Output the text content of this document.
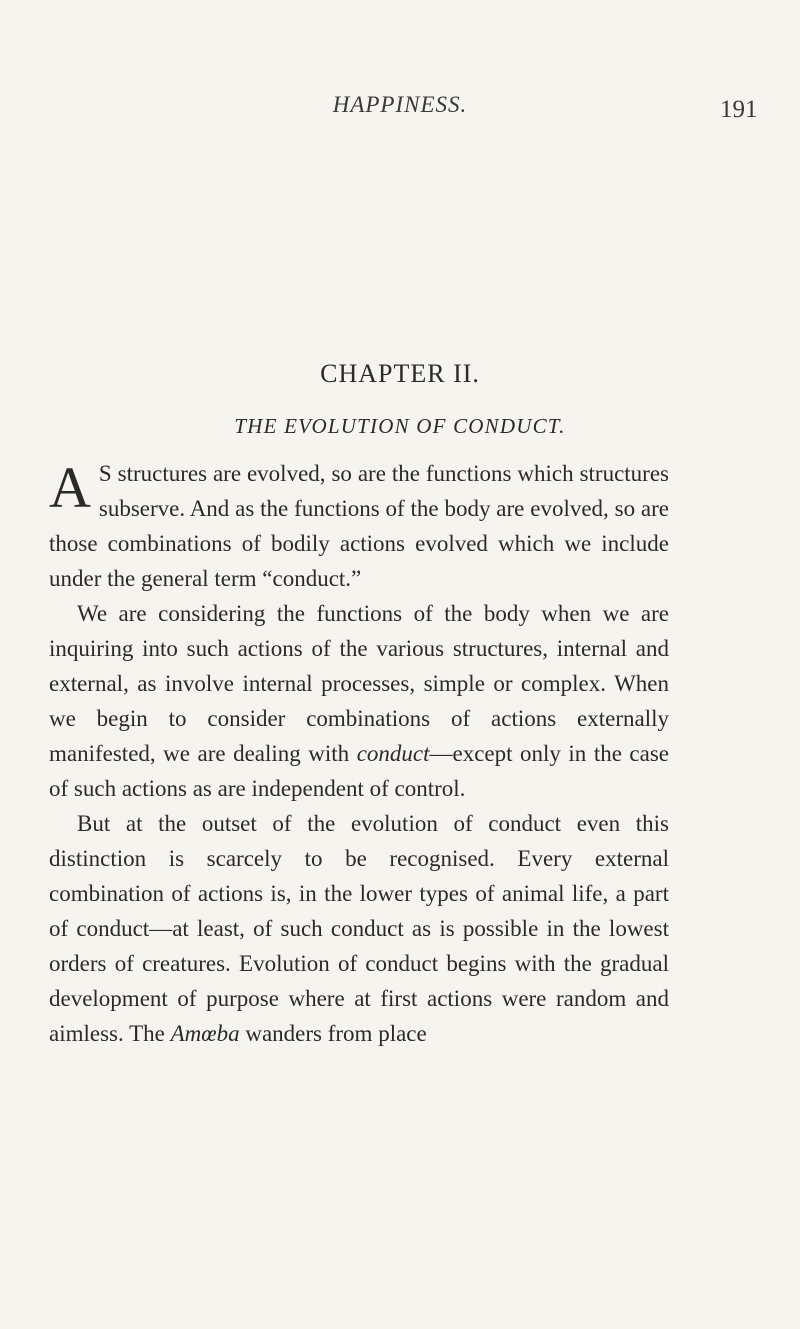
HAPPINESS.	191
CHAPTER II.
THE EVOLUTION OF CONDUCT.

A S structures are evolved, so are the functions which structures subserve. And as the functions of the body are evolved, so are those combinations of bodily actions evolved which we include under the general term “conduct.”

We are considering the functions of the body when we are inquiring into such actions of the various structures, internal and external, as involve internal processes, simple or complex. When we begin to consider combinations of actions externally manifested, we are dealing with conduct—except only in the case of such actions as are independent of control.

But at the outset of the evolution of conduct even this distinction is scarcely to be recognised. Every external combination of actions is, in the lower types of animal life, a part of conduct—at least, of such conduct as is possible in the lowest orders of creatures. Evolution of conduct begins with the gradual development of purpose where at first actions were random and aimless. The Amœba wanders from place
